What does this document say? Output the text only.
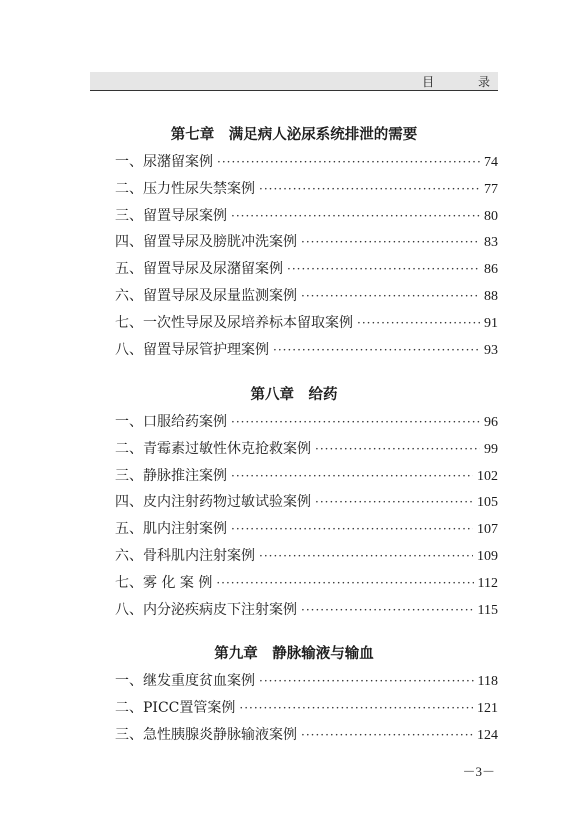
目 录
第七章　满足病人泌尿系统排泄的需要
一、尿潴留案例 ·····	74
二、压力性尿失禁案例 ·····	77
三、留置导尿案例 ·····	80
四、留置导尿及膀胱冲洗案例 ·····	83
五、留置导尿及尿潴留案例 ·····	86
六、留置导尿及尿量监测案例 ·····	88
七、一次性导尿及尿培养标本留取案例 ·····	91
八、留置导尿管护理案例 ·····	93
第八章　给药
一、口服给药案例 ·····	96
二、青霉素过敏性休克抢救案例 ·····	99
三、静脉推注案例 ·····	102
四、皮内注射药物过敏试验案例 ·····	105
五、肌内注射案例 ·····	107
六、骨科肌内注射案例 ·····	109
七、雾 化 案 例 ·····	112
八、内分泌疾病皮下注射案例 ·····	115
第九章　静脉输液与输血
一、继发重度贫血案例 ·····	118
二、PICC置管案例 ·····	121
三、急性胰腺炎静脉输液案例 ·····	124
－3－
